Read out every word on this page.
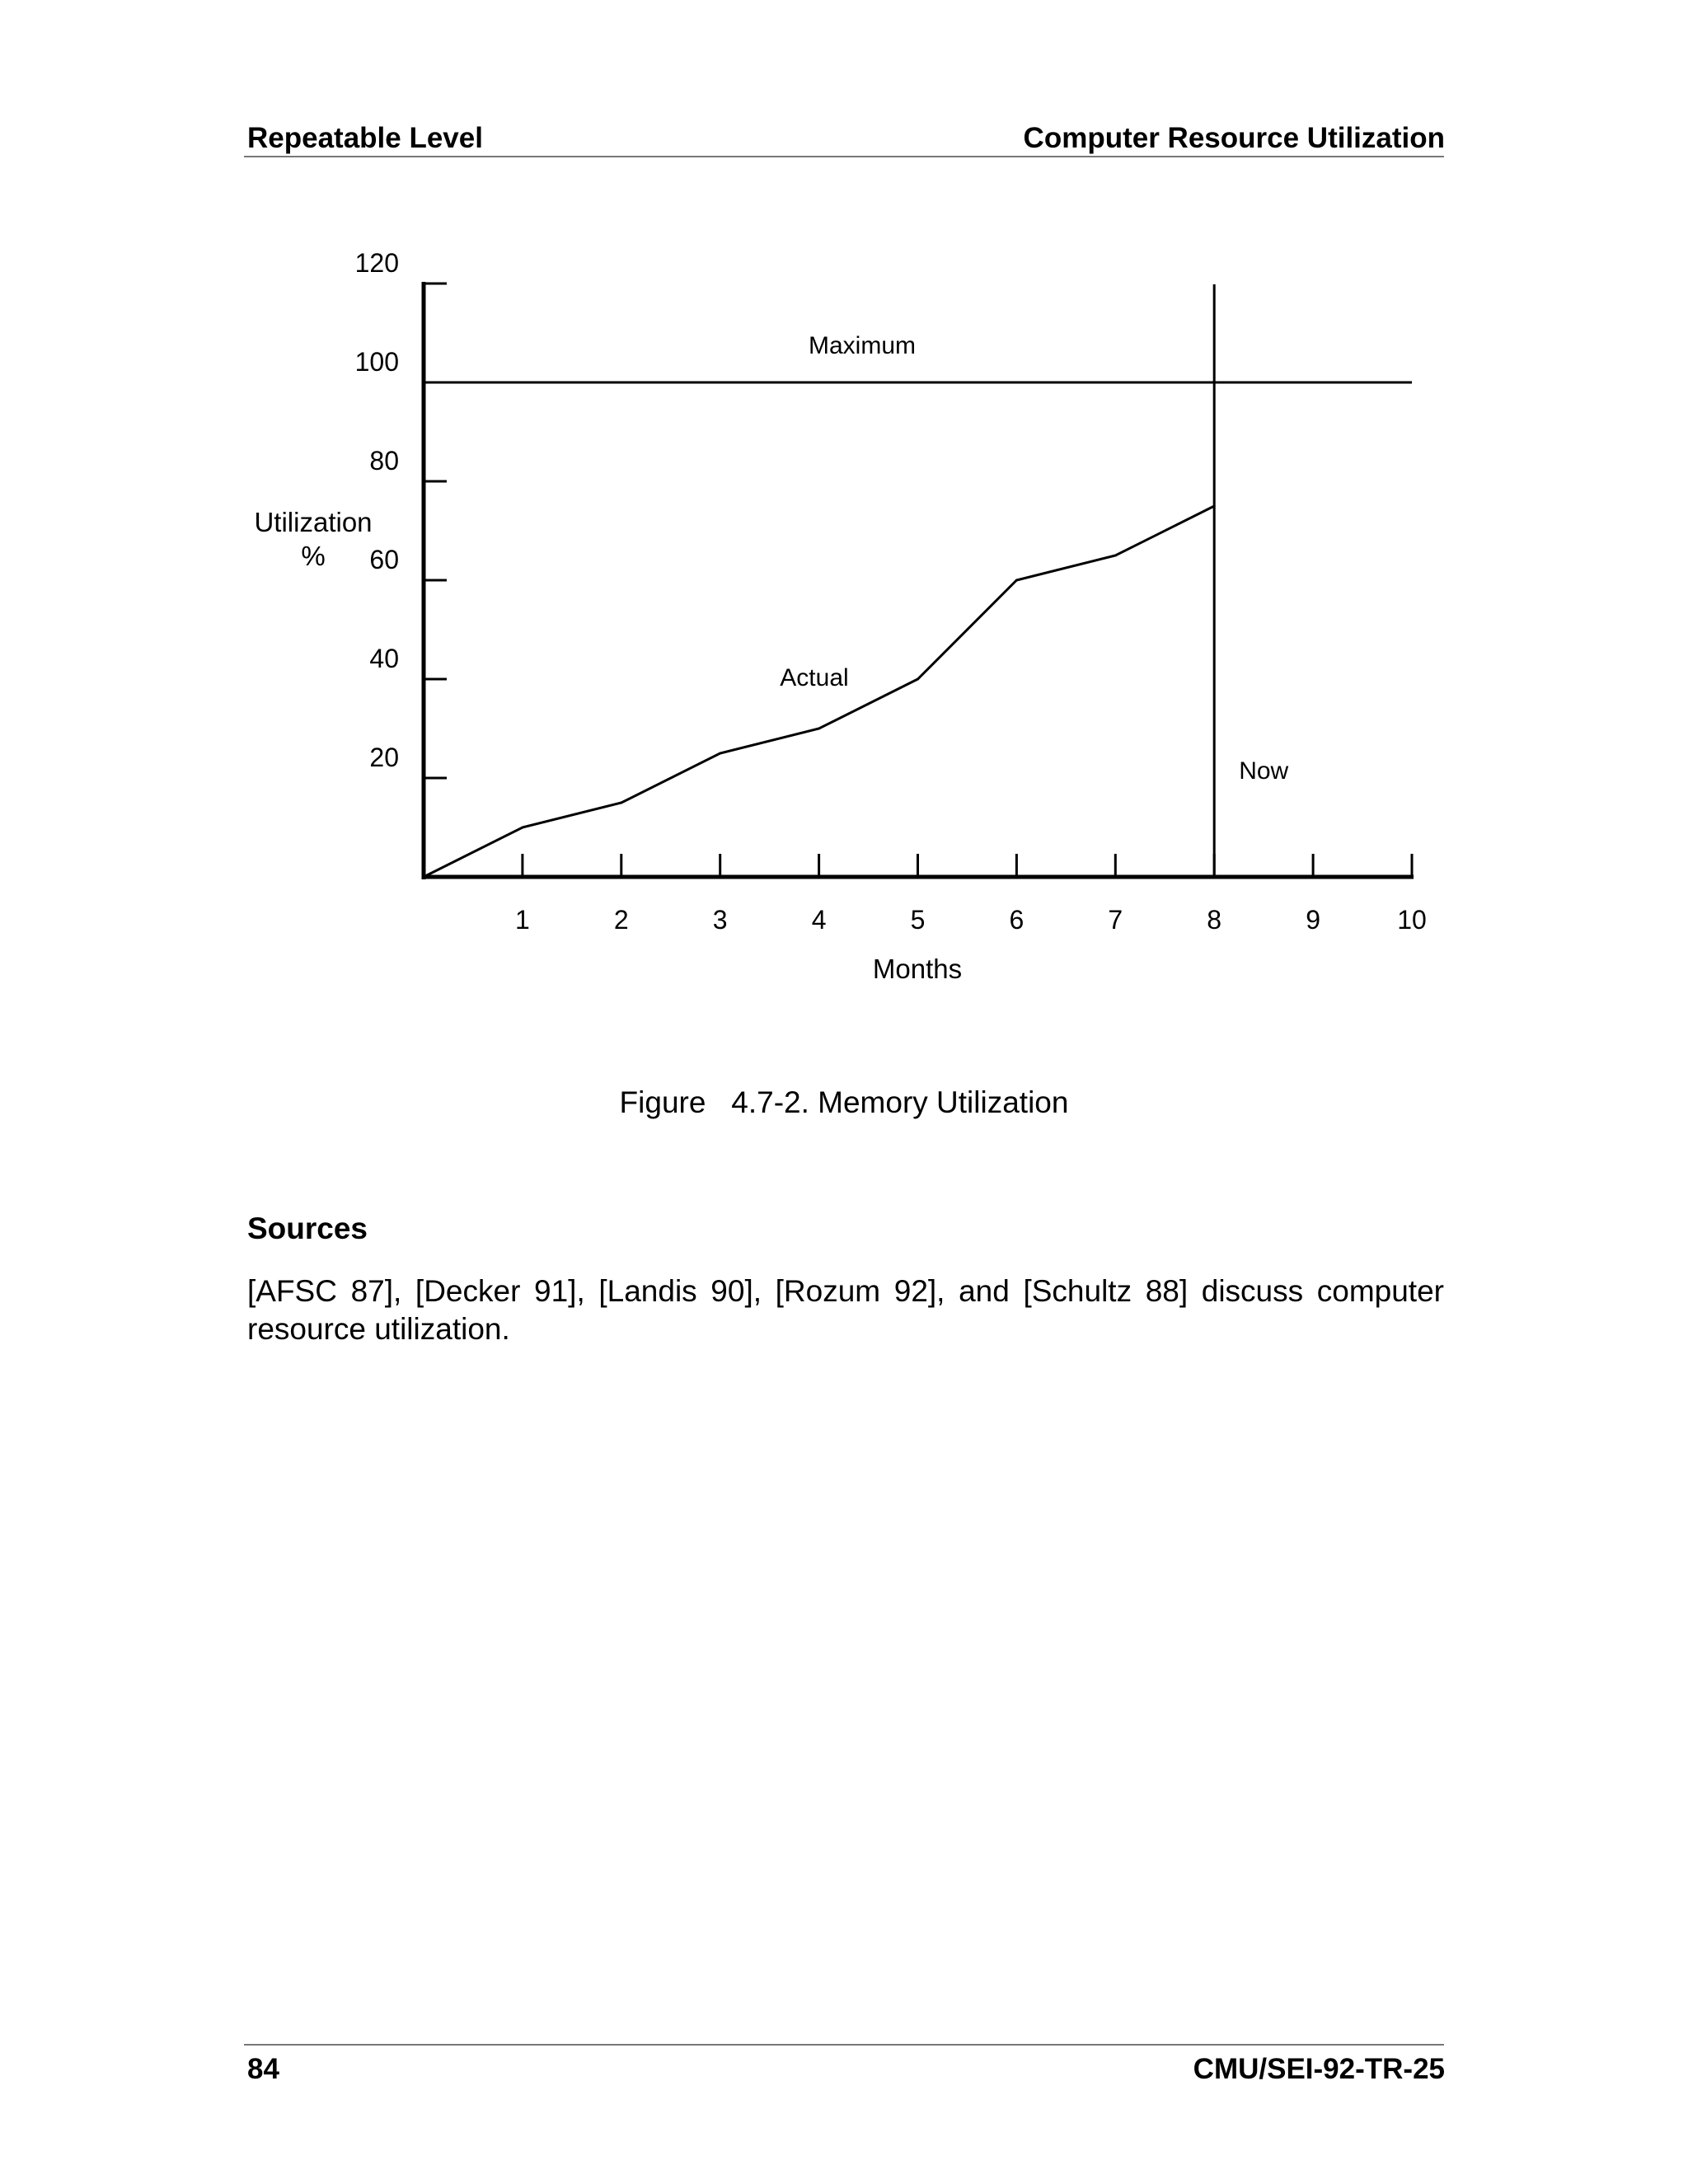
Repeatable Level	Computer Resource Utilization
20
40
60
80
100
120
1	2	3	4	5	6	7	8	9	10
Months
Utilization
%
Maximum
Now
Actual
Figure   4.7-2. Memory Utilization
Sources
[AFSC 87], [Decker 91], [Landis 90], [Rozum 92], and [Schultz 88] discuss computer resource utilization.
84	CMU/SEI-92-TR-25
